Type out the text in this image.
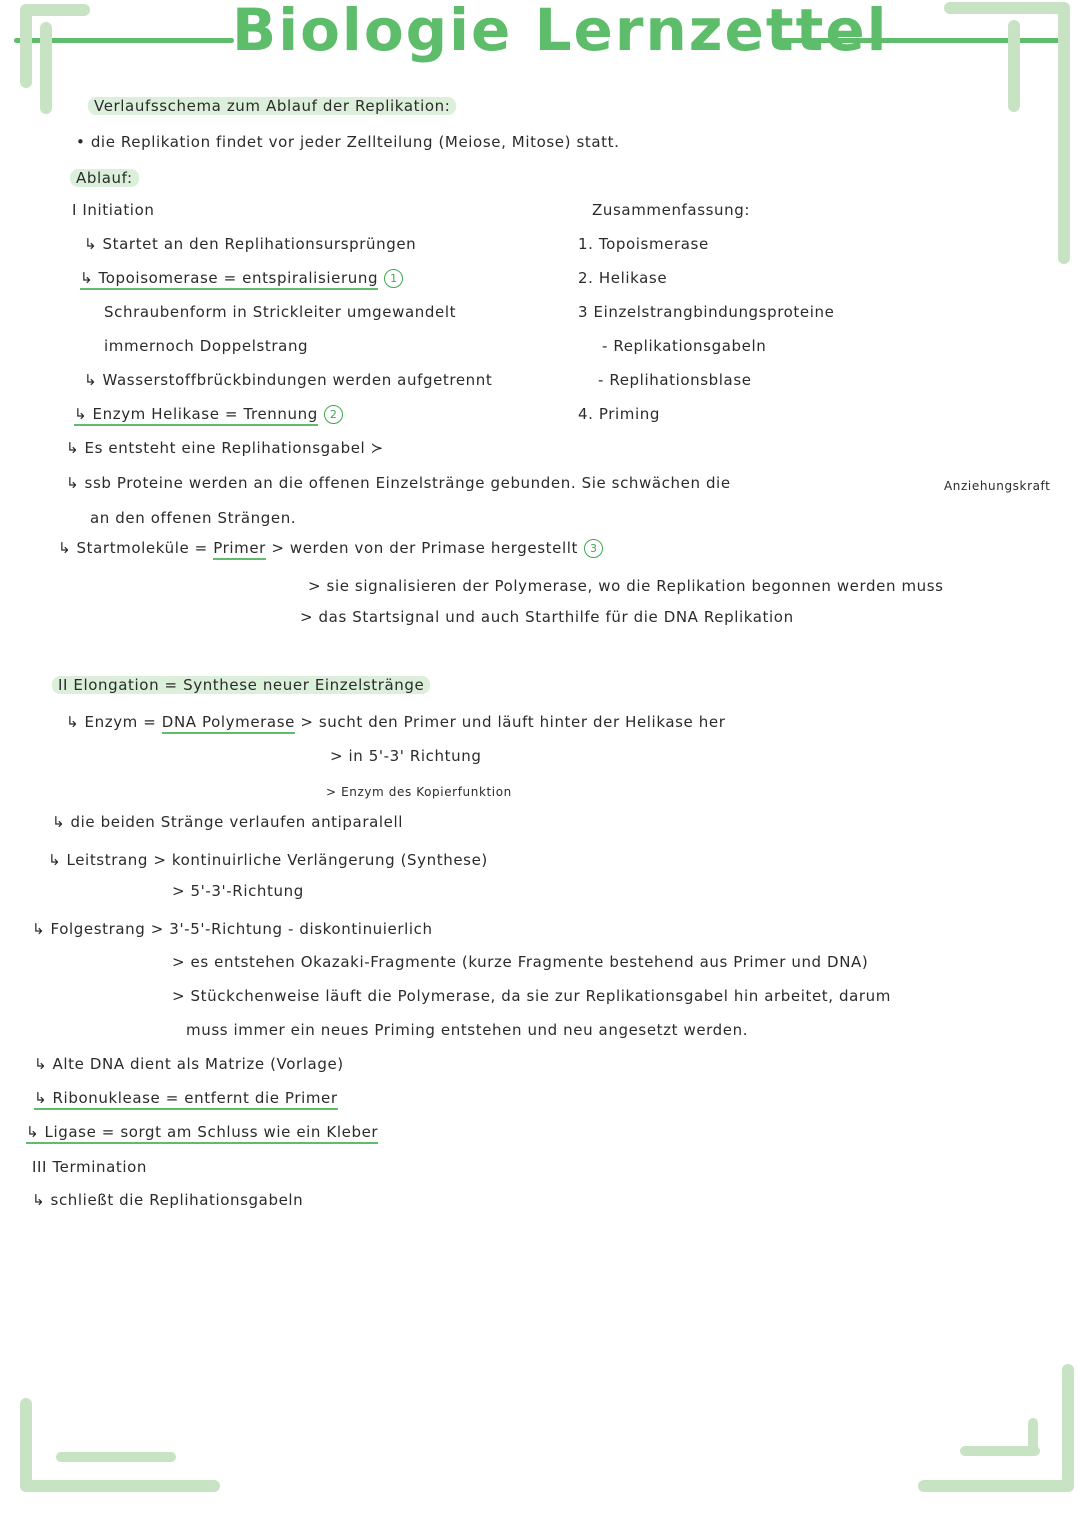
Biologie Lernzettel
Verlaufsschema zum Ablauf der Replikation:
• die Replikation findet vor jeder Zellteilung (Meiose, Mitose) statt.
Ablauf:
I Initiation
↳ Startet an den Replihationsursprüngen
↳ Topoisomerase = entspiralisierung 1
Schraubenform in Strickleiter umgewandelt
immernoch Doppelstrang
↳ Wasserstoffbrückbindungen werden aufgetrennt
↳ Enzym Helikase = Trennung 2
↳ Es entsteht eine Replihationsgabel ≻
↳ ssb Proteine werden an die offenen Einzelstränge gebunden. Sie schwächen die	Anziehungskraft
an den offenen Strängen.
↳ Startmoleküle = Primer > werden von der Primase hergestellt 3
> sie signalisieren der Polymerase, wo die Replikation begonnen werden muss
> das Startsignal und auch Starthilfe für die DNA Replikation
Zusammenfassung:
1. Topoismerase
2. Helikase
3 Einzelstrangbindungsproteine
- Replikationsgabeln
- Replihationsblase
4. Priming
II Elongation = Synthese neuer Einzelstränge
↳ Enzym = DNA Polymerase > sucht den Primer und läuft hinter der Helikase her
> in 5'-3' Richtung
> Enzym des Kopierfunktion
↳ die beiden Stränge verlaufen antiparalell
↳ Leitstrang > kontinuirliche Verlängerung (Synthese)
> 5'-3'-Richtung
↳ Folgestrang > 3'-5'-Richtung - diskontinuierlich
> es entstehen Okazaki-Fragmente (kurze Fragmente bestehend aus Primer und DNA)
> Stückchenweise läuft die Polymerase, da sie zur Replikationsgabel hin arbeitet, darum
muss immer ein neues Priming entstehen und neu angesetzt werden.
↳ Alte DNA dient als Matrize (Vorlage)
↳ Ribonuklease = entfernt die Primer
↳ Ligase = sorgt am Schluss wie ein Kleber
III Termination
↳ schließt die Replihationsgabeln
